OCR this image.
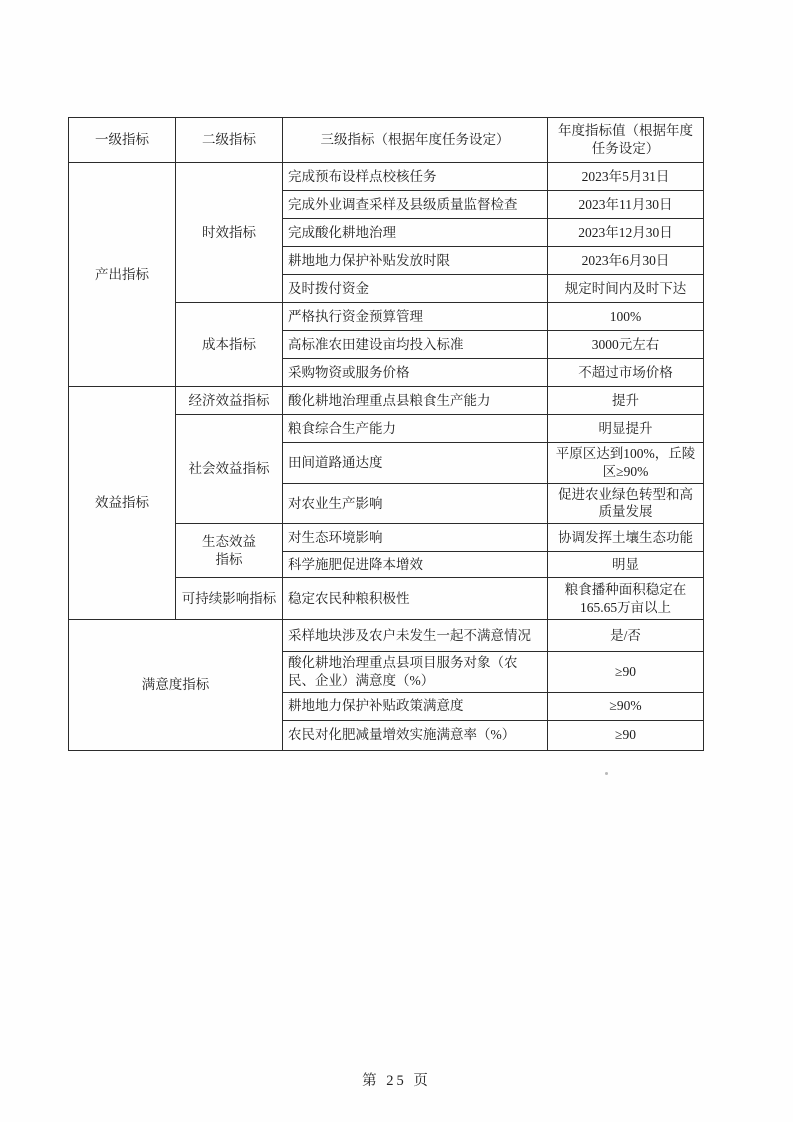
一级指标	二级指标	三级指标（根据年度任务设定）	年度指标值（根据年度任务设定）
产出指标	时效指标	完成预布设样点校核任务	2023年5月31日
		完成外业调查采样及县级质量监督检查	2023年11月30日
		完成酸化耕地治理	2023年12月30日
		耕地地力保护补贴发放时限	2023年6月30日
		及时拨付资金	规定时间内及时下达
	成本指标	严格执行资金预算管理	100%
		高标准农田建设亩均投入标准	3000元左右
		采购物资或服务价格	不超过市场价格
效益指标	经济效益指标	酸化耕地治理重点县粮食生产能力	提升
	社会效益指标	粮食综合生产能力	明显提升
		田间道路通达度	平原区达到100%，丘陵区≥90%
		对农业生产影响	促进农业绿色转型和高质量发展
	生态效益指标	对生态环境影响	协调发挥土壤生态功能
		科学施肥促进降本增效	明显
	可持续影响指标	稳定农民种粮积极性	粮食播种面积稳定在165.65万亩以上
满意度指标		采样地块涉及农户未发生一起不满意情况	是/否
		酸化耕地治理重点县项目服务对象（农民、企业）满意度（%）	≥90
		耕地地力保护补贴政策满意度	≥90%
		农民对化肥减量增效实施满意率（%）	≥90
第 25 页
